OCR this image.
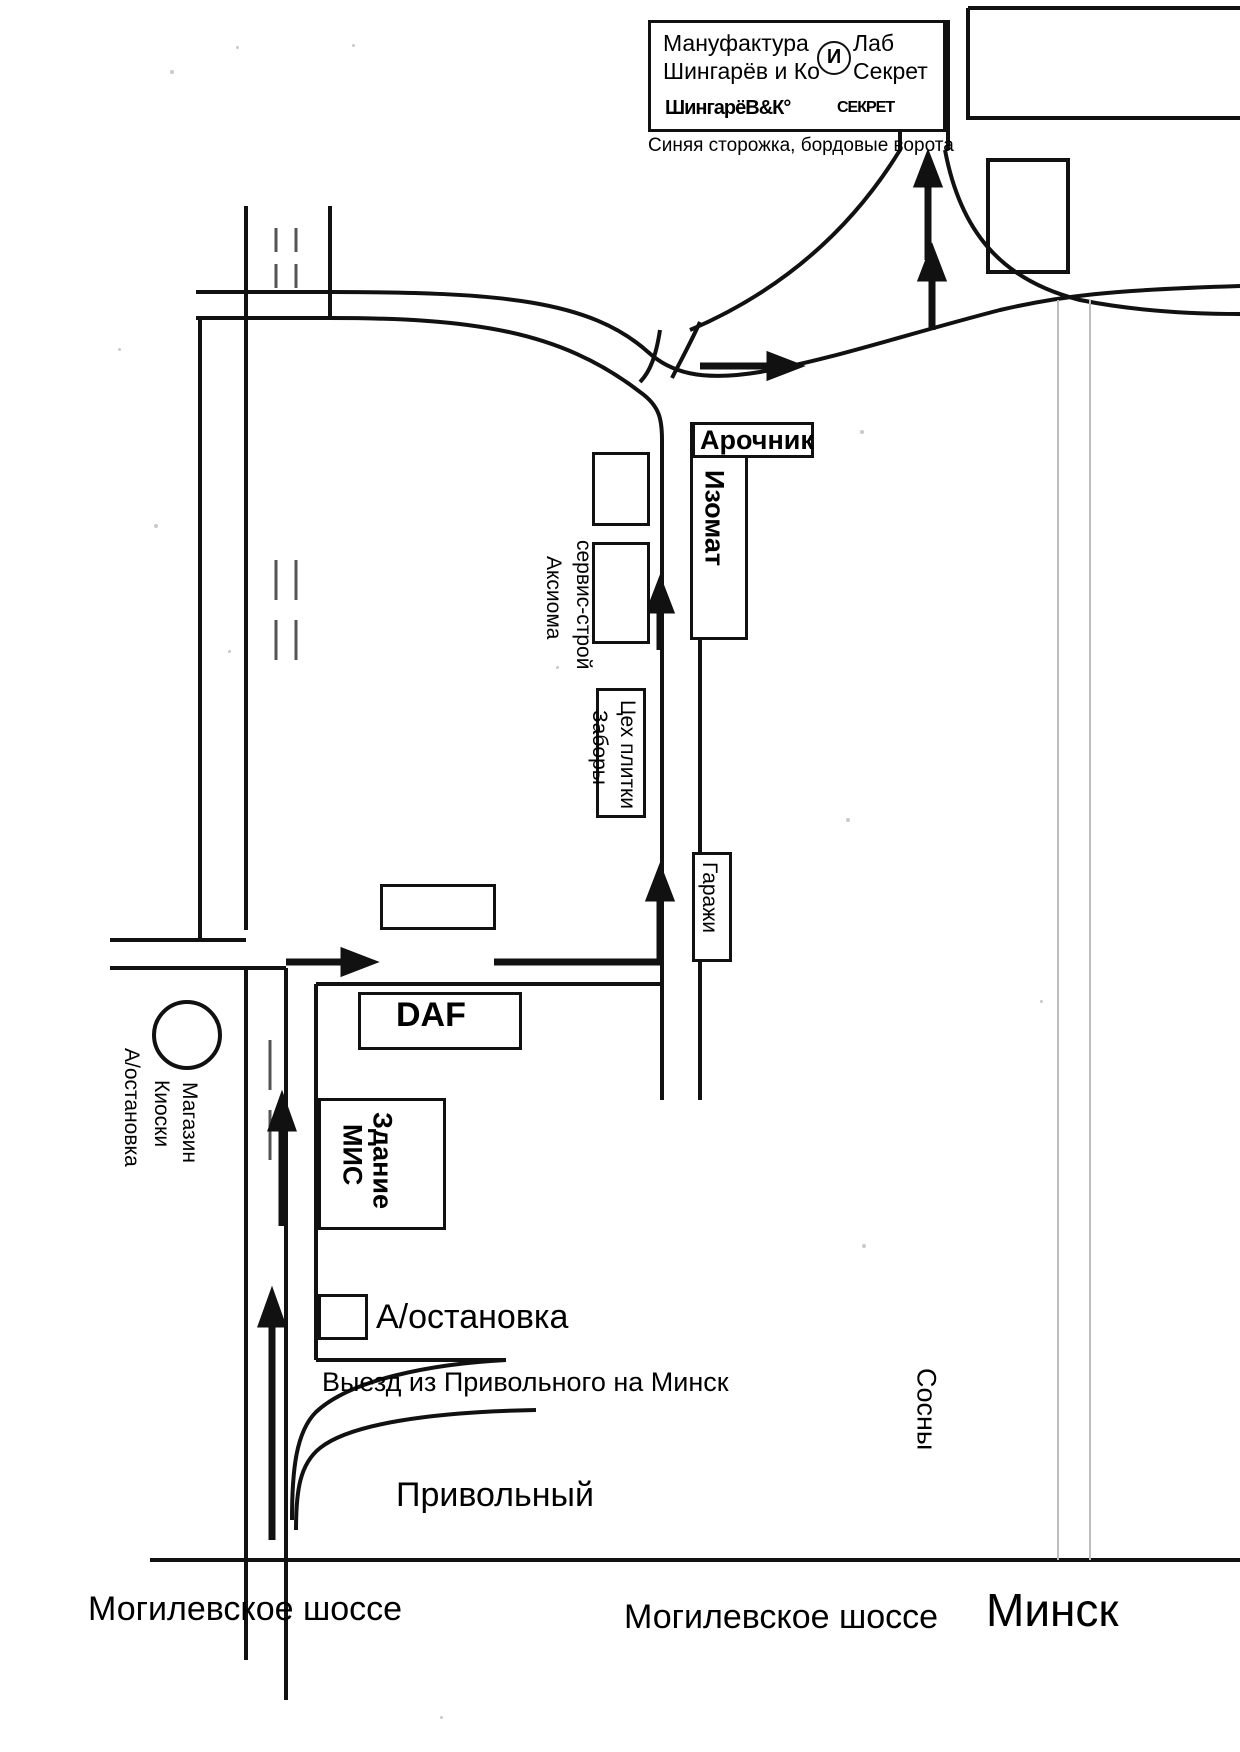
Мануфактура
Шингарёв и Ко
И
Лаб
Секрет
ШингарёВ&К°	СЕКРЕТ
Синяя сторожка, бордовые ворота
Арочник
Изомат
Аксиома сервис-строй
Заборы Цех плитки
Гаражи
DAF
Здание
МИС
А/остановка Киоски Магазин
А/остановка
Выезд из Привольного на Минск
Привольный
Могилевское шоссе	Могилевское шоссе Минск
Сосны
